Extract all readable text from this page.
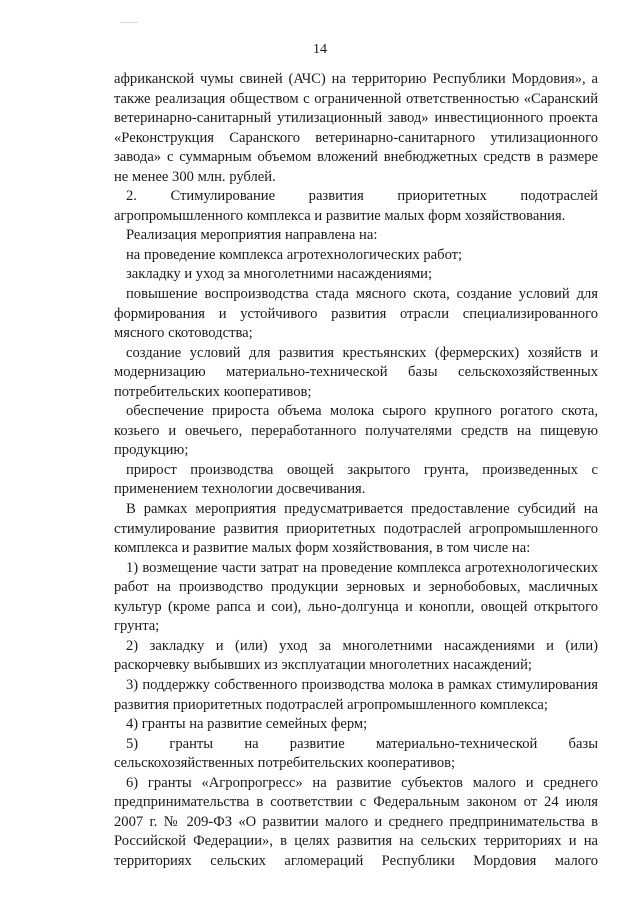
14

африканской чумы свиней (АЧС) на территорию Республики Мордовия», а также реализация обществом с ограниченной ответственностью «Саранский ветеринарно-санитарный утилизационный завод» инвестиционного проекта «Реконструкция Саранского ветеринарно-санитарного утилизационного завода» с суммарным объемом вложений внебюджетных средств в размере не менее 300 млн. рублей.

2. Стимулирование развития приоритетных подотраслей агропромышленного комплекса и развитие малых форм хозяйствования.

Реализация мероприятия направлена на:

на проведение комплекса агротехнологических работ;

закладку и уход за многолетними насаждениями;

повышение воспроизводства стада мясного скота, создание условий для формирования и устойчивого развития отрасли специализированного мясного скотоводства;

создание условий для развития крестьянских (фермерских) хозяйств и модернизацию материально-технической базы сельскохозяйственных потребительских кооперативов;

обеспечение прироста объема молока сырого крупного рогатого скота, козьего и овечьего, переработанного получателями средств на пищевую продукцию;

прирост производства овощей закрытого грунта, произведенных с применением технологии досвечивания.

В рамках мероприятия предусматривается предоставление субсидий на стимулирование развития приоритетных подотраслей агропромышленного комплекса и развитие малых форм хозяйствования, в том числе на:

1) возмещение части затрат на проведение комплекса агротехнологических работ на производство продукции зерновых и зернобобовых, масличных культур (кроме рапса и сои), льно-долгунца и конопли, овощей открытого грунта;

2) закладку и (или) уход за многолетними насаждениями и (или) раскорчевку выбывших из эксплуатации многолетних насаждений;

3) поддержку собственного производства молока в рамках стимулирования развития приоритетных подотраслей агропромышленного комплекса;

4) гранты на развитие семейных ферм;

5) гранты на развитие материально-технической базы сельскохозяйственных потребительских кооперативов;

6) гранты «Агропрогресс» на развитие субъектов малого и среднего предпринимательства в соответствии с Федеральным законом от 24 июля 2007 г. № 209-ФЗ «О развитии малого и среднего предпринимательства в Российской Федерации», в целях развития на сельских территориях и на территориях сельских агломераций Республики Мордовия малого
